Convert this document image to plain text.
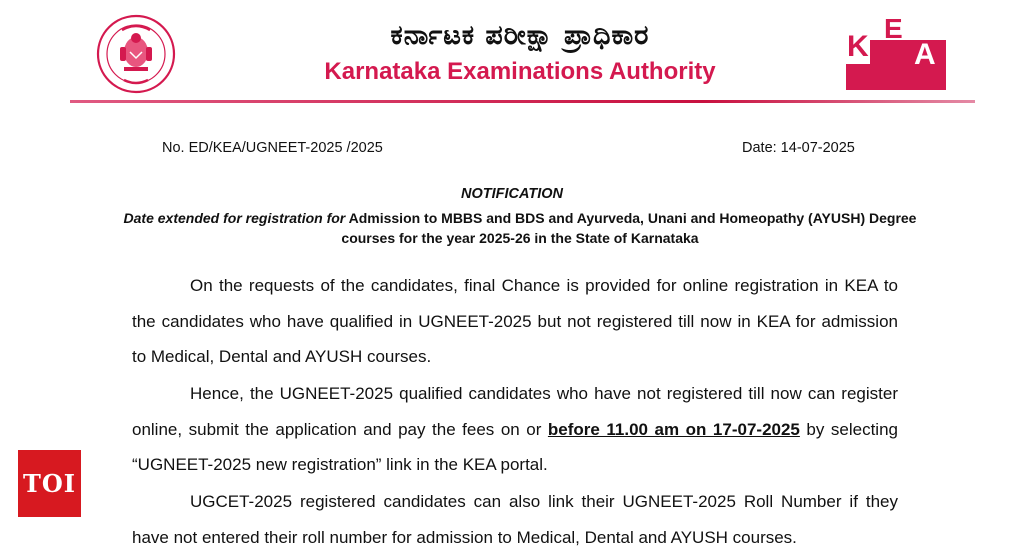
ಕರ್ನಾಟಕ ಪರೀಕ್ಷಾ ಪ್ರಾಧಿಕಾರ
Karnataka Examinations Authority
K
E
A
No. ED/KEA/UGNEET-2025 /2025	Date: 14-07-2025
NOTIFICATION
Date extended for registration for Admission to MBBS and BDS and Ayurveda, Unani and Homeopathy (AYUSH) Degree courses for the year 2025-26 in the State of Karnataka

On the requests of the candidates, final Chance is provided for online registration in KEA to the candidates who have qualified in UGNEET-2025 but not registered till now in KEA for admission to Medical, Dental and AYUSH courses.

Hence, the UGNEET-2025 qualified candidates who have not registered till now can register online, submit the application and pay the fees on or before 11.00 am on 17-07-2025 by selecting “UGNEET-2025 new registration” link in the KEA portal.

UGCET-2025 registered candidates can also link their UGNEET-2025 Roll Number if they have not entered their roll number for admission to Medical, Dental and AYUSH courses.

TOI
